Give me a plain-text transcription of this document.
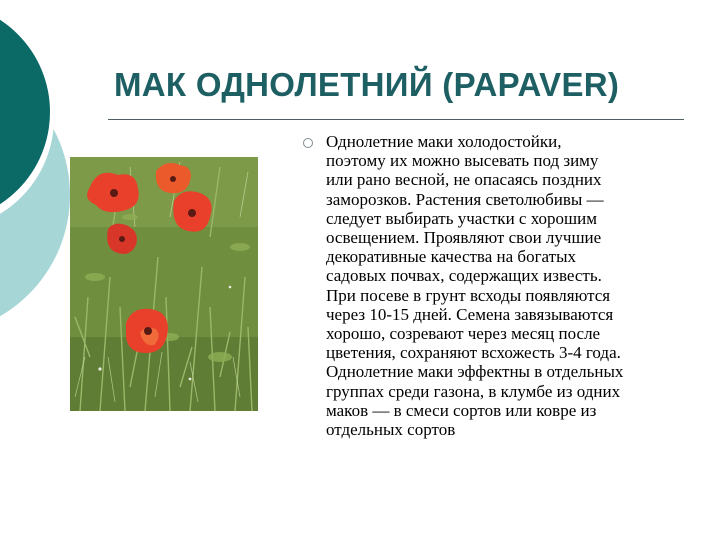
МАК ОДНОЛЕТНИЙ (PAPAVER)

Однолетние маки холодостойки,
поэтому их можно высевать под зиму
или рано весной, не опасаясь поздних
заморозков. Растения светолюбивы —
следует выбирать участки с хорошим
освещением. Проявляют свои лучшие
декоративные качества на богатых
садовых почвах, содержащих известь.
При посеве в грунт всходы появляются
через 10-15 дней. Семена завязываются
хорошо, созревают через месяц после
цветения, сохраняют всхожесть 3-4 года.
Однолетние маки эффектны в отдельных
группах среди газона, в клумбе из одних
маков — в смеси сортов или ковре из
отдельных сортов
